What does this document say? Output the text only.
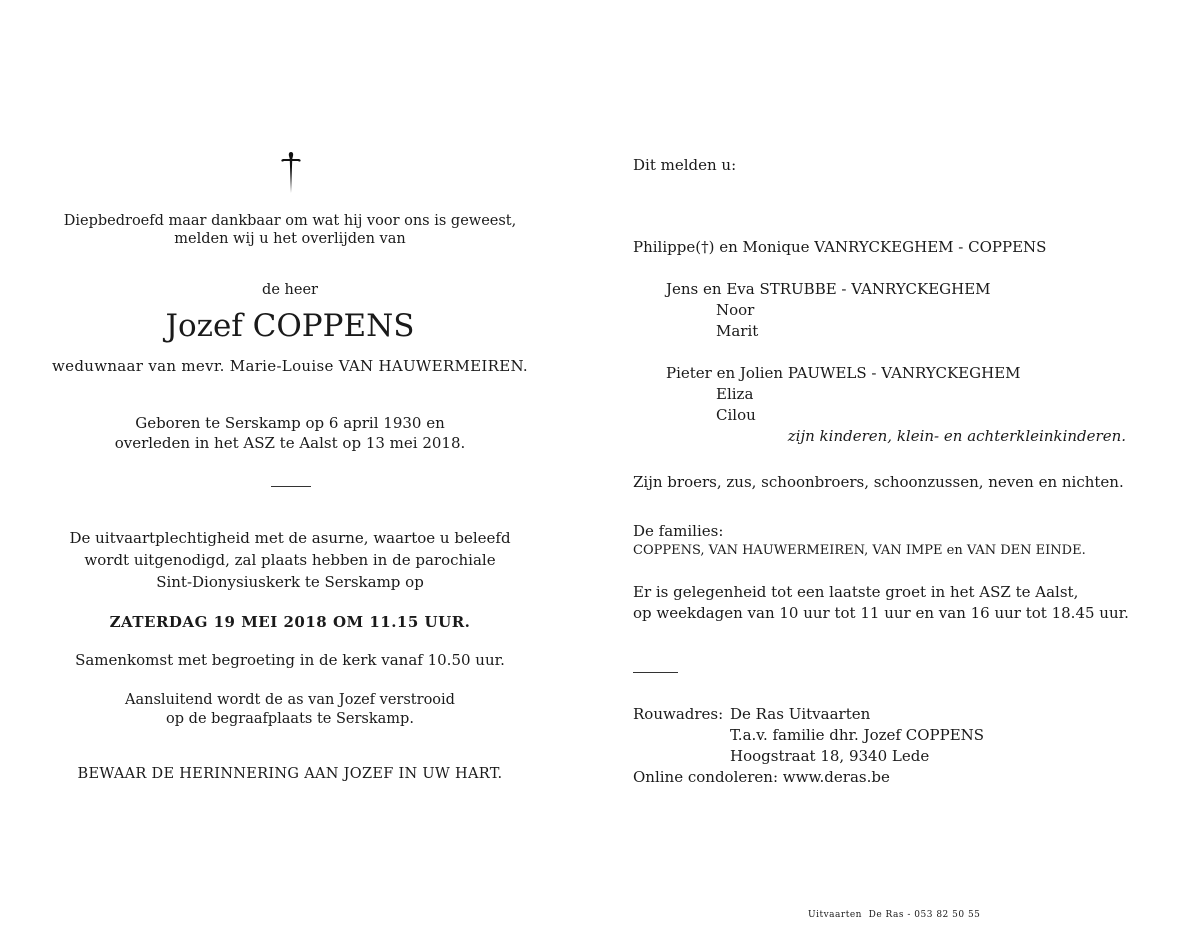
Diepbedroefd maar dankbaar om wat hij voor ons is geweest,
melden wij u het overlijden van
de heer
Jozef COPPENS
weduwnaar van mevr. Marie-Louise VAN HAUWERMEIREN.
Geboren te Serskamp op 6 april 1930 en
overleden in het ASZ te Aalst op 13 mei 2018.
De uitvaartplechtigheid met de asurne, waartoe u beleefd
wordt uitgenodigd, zal plaats hebben in de parochiale
Sint-Dionysiuskerk te Serskamp op
ZATERDAG 19 MEI 2018 OM 11.15 UUR.
Samenkomst met begroeting in de kerk vanaf 10.50 uur.
Aansluitend wordt de as van Jozef verstrooid
op de begraafplaats te Serskamp.
BEWAAR DE HERINNERING AAN JOZEF IN UW HART.
Dit melden u:
Philippe(†) en Monique VANRYCKEGHEM - COPPENS
Jens en Eva STRUBBE - VANRYCKEGHEM
Noor
Marit
Pieter en Jolien PAUWELS - VANRYCKEGHEM
Eliza
Cilou
zijn kinderen, klein- en achterkleinkinderen.
Zijn broers, zus, schoonbroers, schoonzussen, neven en nichten.
De families:
COPPENS, VAN HAUWERMEIREN, VAN IMPE en VAN DEN EINDE.
Er is gelegenheid tot een laatste groet in het ASZ te Aalst,
op weekdagen van 10 uur tot 11 uur en van 16 uur tot 18.45 uur.
Rouwadres: De Ras Uitvaarten
T.a.v. familie dhr. Jozef COPPENS
Hoogstraat 18, 9340 Lede
Online condoleren: www.deras.be
Uitvaarten  De Ras - 053 82 50 55
